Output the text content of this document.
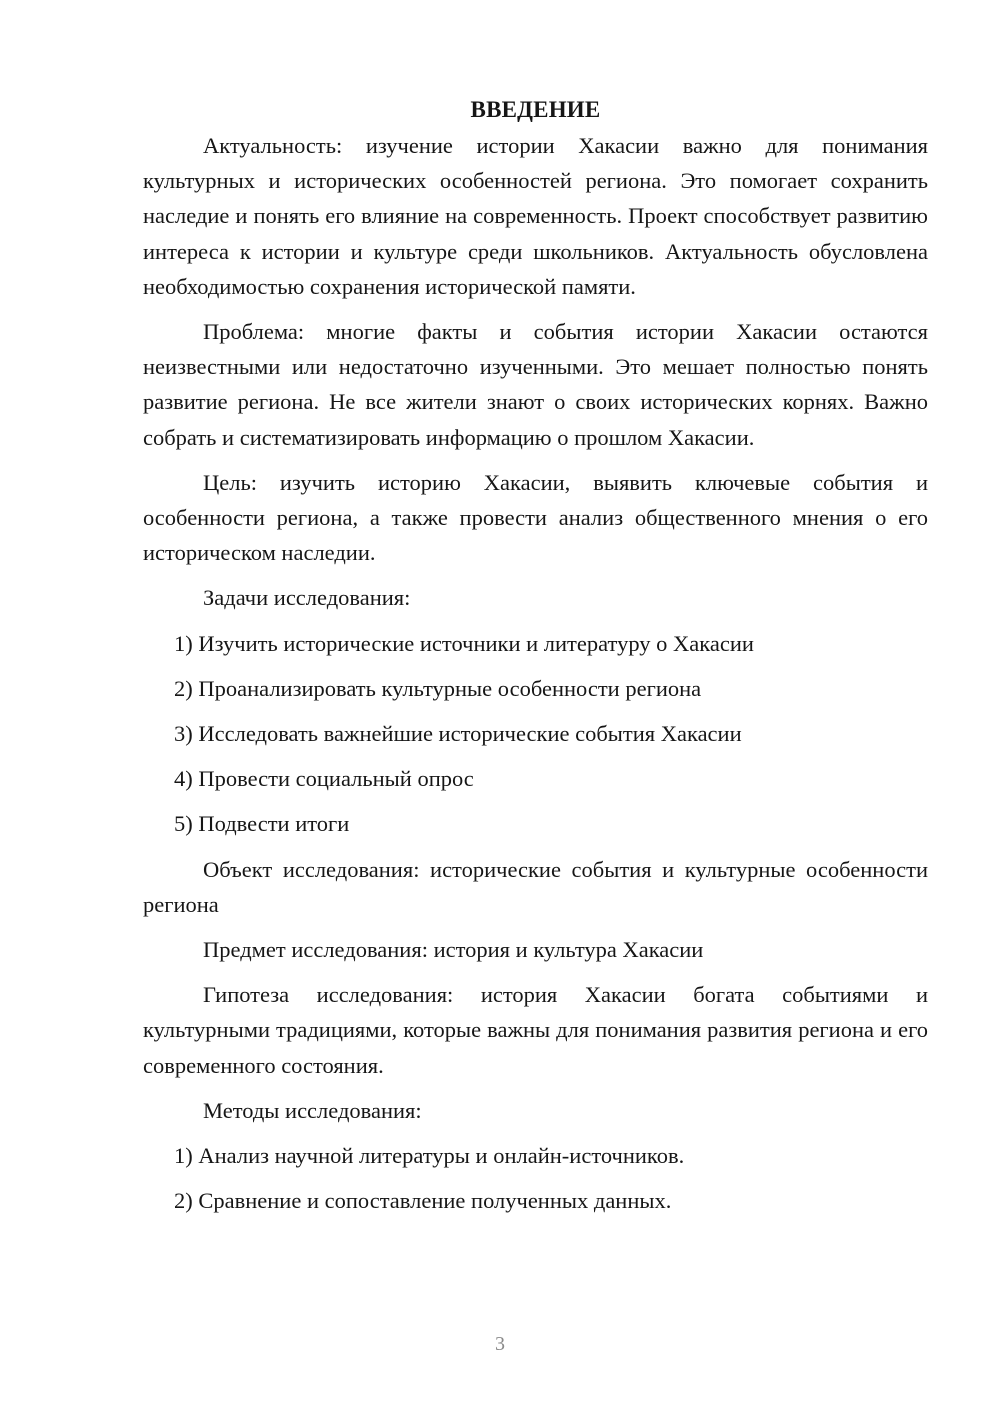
ВВЕДЕНИЕ

Актуальность: изучение истории Хакасии важно для понимания культурных и исторических особенностей региона. Это помогает сохранить наследие и понять его влияние на современность. Проект способствует развитию интереса к истории и культуре среди школьников. Актуальность обусловлена необходимостью сохранения исторической памяти.

Проблема: многие факты и события истории Хакасии остаются неизвестными или недостаточно изученными. Это мешает полностью понять развитие региона. Не все жители знают о своих исторических корнях. Важно собрать и систематизировать информацию о прошлом Хакасии.

Цель: изучить историю Хакасии, выявить ключевые события и особенности региона, а также провести анализ общественного мнения о его историческом наследии.

Задачи исследования:

1) Изучить исторические источники и литературу о Хакасии
2) Проанализировать культурные особенности региона
3) Исследовать важнейшие исторические события Хакасии
4) Провести социальный опрос
5) Подвести итоги

Объект исследования: исторические события и культурные особенности региона

Предмет исследования: история и культура Хакасии

Гипотеза исследования: история Хакасии богата событиями и культурными традициями, которые важны для понимания развития региона и его современного состояния.

Методы исследования:

1) Анализ научной литературы и онлайн-источников.
2) Сравнение и сопоставление полученных данных.
3
